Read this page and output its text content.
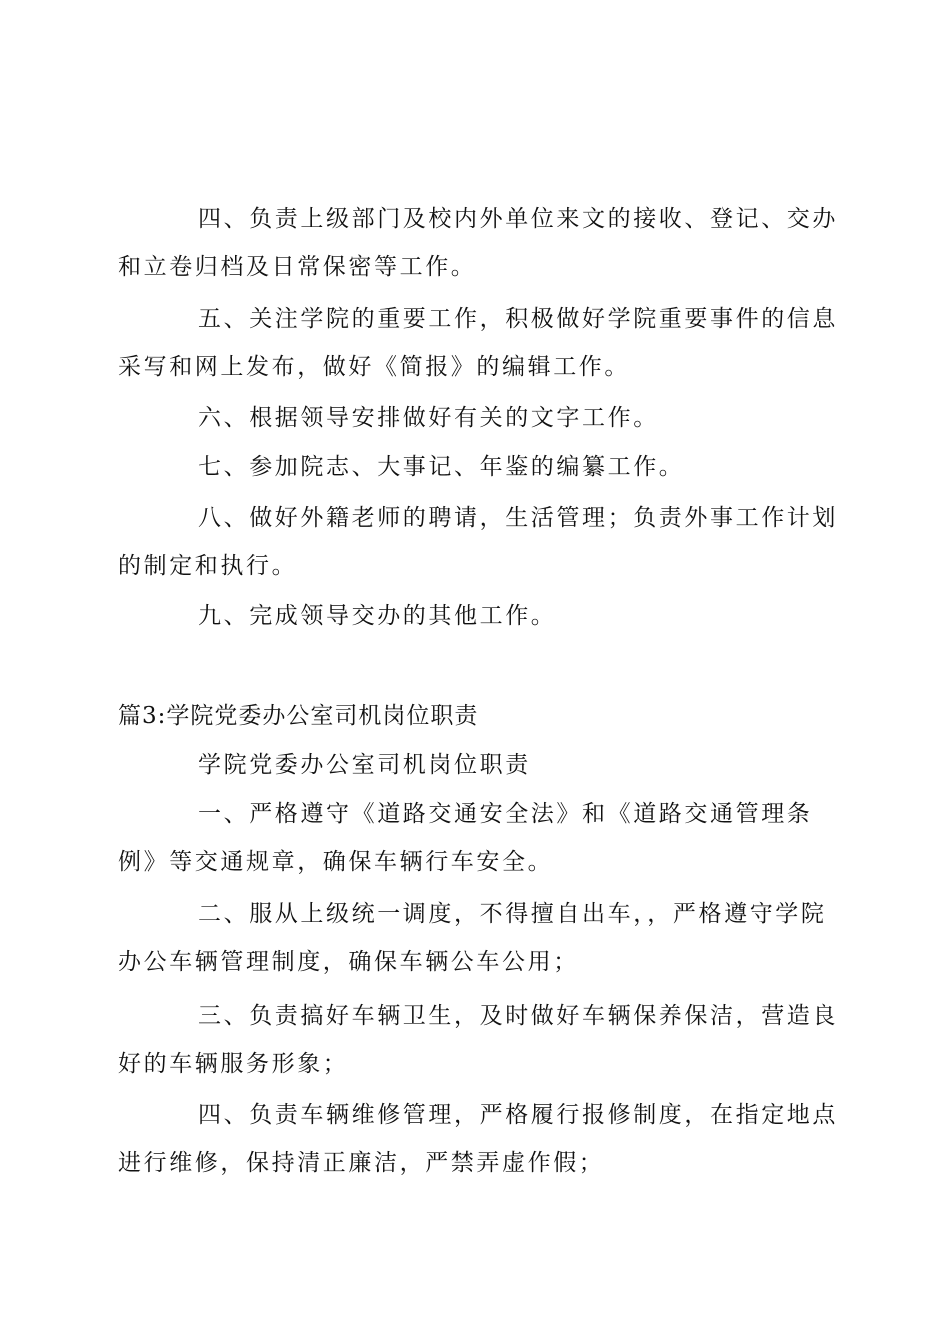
四、负责上级部门及校内外单位来文的接收、登记、交办
和立卷归档及日常保密等工作。
五、关注学院的重要工作，积极做好学院重要事件的信息
采写和网上发布，做好《简报》的编辑工作。
六、根据领导安排做好有关的文字工作。
七、参加院志、大事记、年鉴的编纂工作。
八、做好外籍老师的聘请，生活管理；负责外事工作计划
的制定和执行。
九、完成领导交办的其他工作。
篇3:学院党委办公室司机岗位职责
学院党委办公室司机岗位职责
一、严格遵守《道路交通安全法》和《道路交通管理条
例》等交通规章，确保车辆行车安全。
二、服从上级统一调度，不得擅自出车，，严格遵守学院
办公车辆管理制度，确保车辆公车公用；
三、负责搞好车辆卫生，及时做好车辆保养保洁，营造良
好的车辆服务形象；
四、负责车辆维修管理，严格履行报修制度，在指定地点
进行维修，保持清正廉洁，严禁弄虚作假；
